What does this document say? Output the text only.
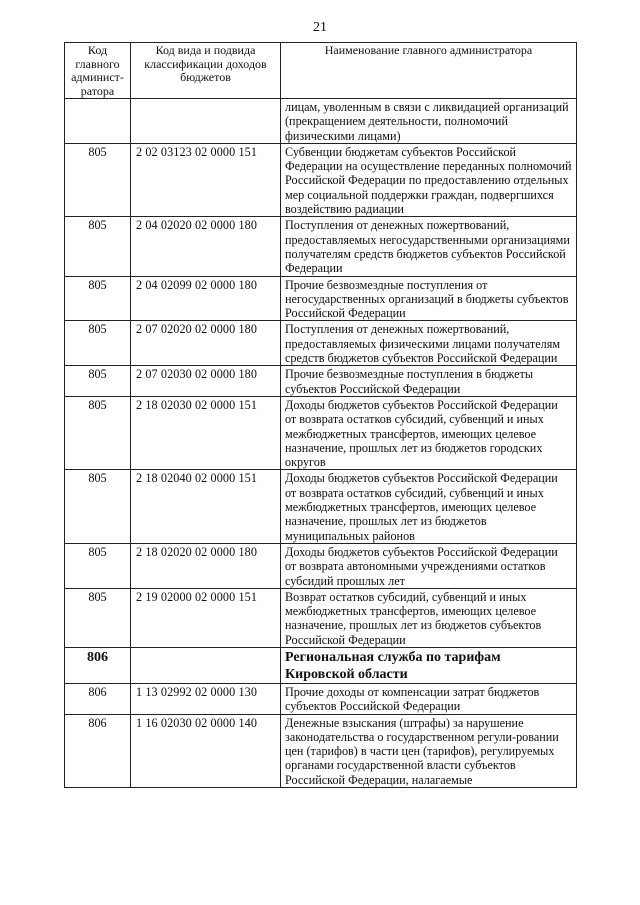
21
Код главного админист-ратора	Код вида и подвида классификации доходов бюджетов	Наименование главного администратора
		лицам, уволенным в связи с ликвидацией организаций (прекращением деятельности, полномочий физическими лицами)
805	2 02 03123 02 0000 151	Субвенции бюджетам субъектов Российской Федерации на осуществление переданных полномочий Российской Федерации по предоставлению отдельных мер социальной поддержки граждан, подвергшихся воздействию радиации
805	2 04 02020 02 0000 180	Поступления от денежных пожертвований, предоставляемых негосударственными организациями получателям средств бюджетов субъектов Российской Федерации
805	2 04 02099 02 0000 180	Прочие безвозмездные поступления от негосударственных организаций в бюджеты субъектов Российской Федерации
805	2 07 02020 02 0000 180	Поступления от денежных пожертвований, предоставляемых физическими лицами получателям средств бюджетов субъектов Российской Федерации
805	2 07 02030 02 0000 180	Прочие безвозмездные поступления в бюджеты субъектов Российской Федерации
805	2 18 02030 02 0000 151	Доходы бюджетов субъектов Российской Федерации от возврата остатков субсидий, субвенций и иных межбюджетных трансфертов, имеющих целевое назначение, прошлых лет из бюджетов городских округов
805	2 18 02040 02 0000 151	Доходы бюджетов субъектов Российской Федерации от возврата остатков субсидий, субвенций и иных межбюджетных трансфертов, имеющих целевое назначение, прошлых лет из бюджетов муниципальных районов
805	2 18 02020 02 0000 180	Доходы бюджетов субъектов Российской Федерации от возврата автономными учреждениями остатков субсидий прошлых лет
805	2 19 02000 02 0000 151	Возврат остатков субсидий, субвенций и иных межбюджетных трансфертов, имеющих целевое назначение, прошлых лет из бюджетов субъектов Российской Федерации
806		Региональная служба по тарифам Кировской области
806	1 13 02992 02 0000 130	Прочие доходы от компенсации затрат бюджетов субъектов Российской Федерации
806	1 16 02030 02 0000 140	Денежные взыскания (штрафы) за нарушение законодательства о государственном регули-ровании цен (тарифов) в части цен (тарифов), регулируемых органами государственной власти субъектов Российской Федерации, налагаемые
